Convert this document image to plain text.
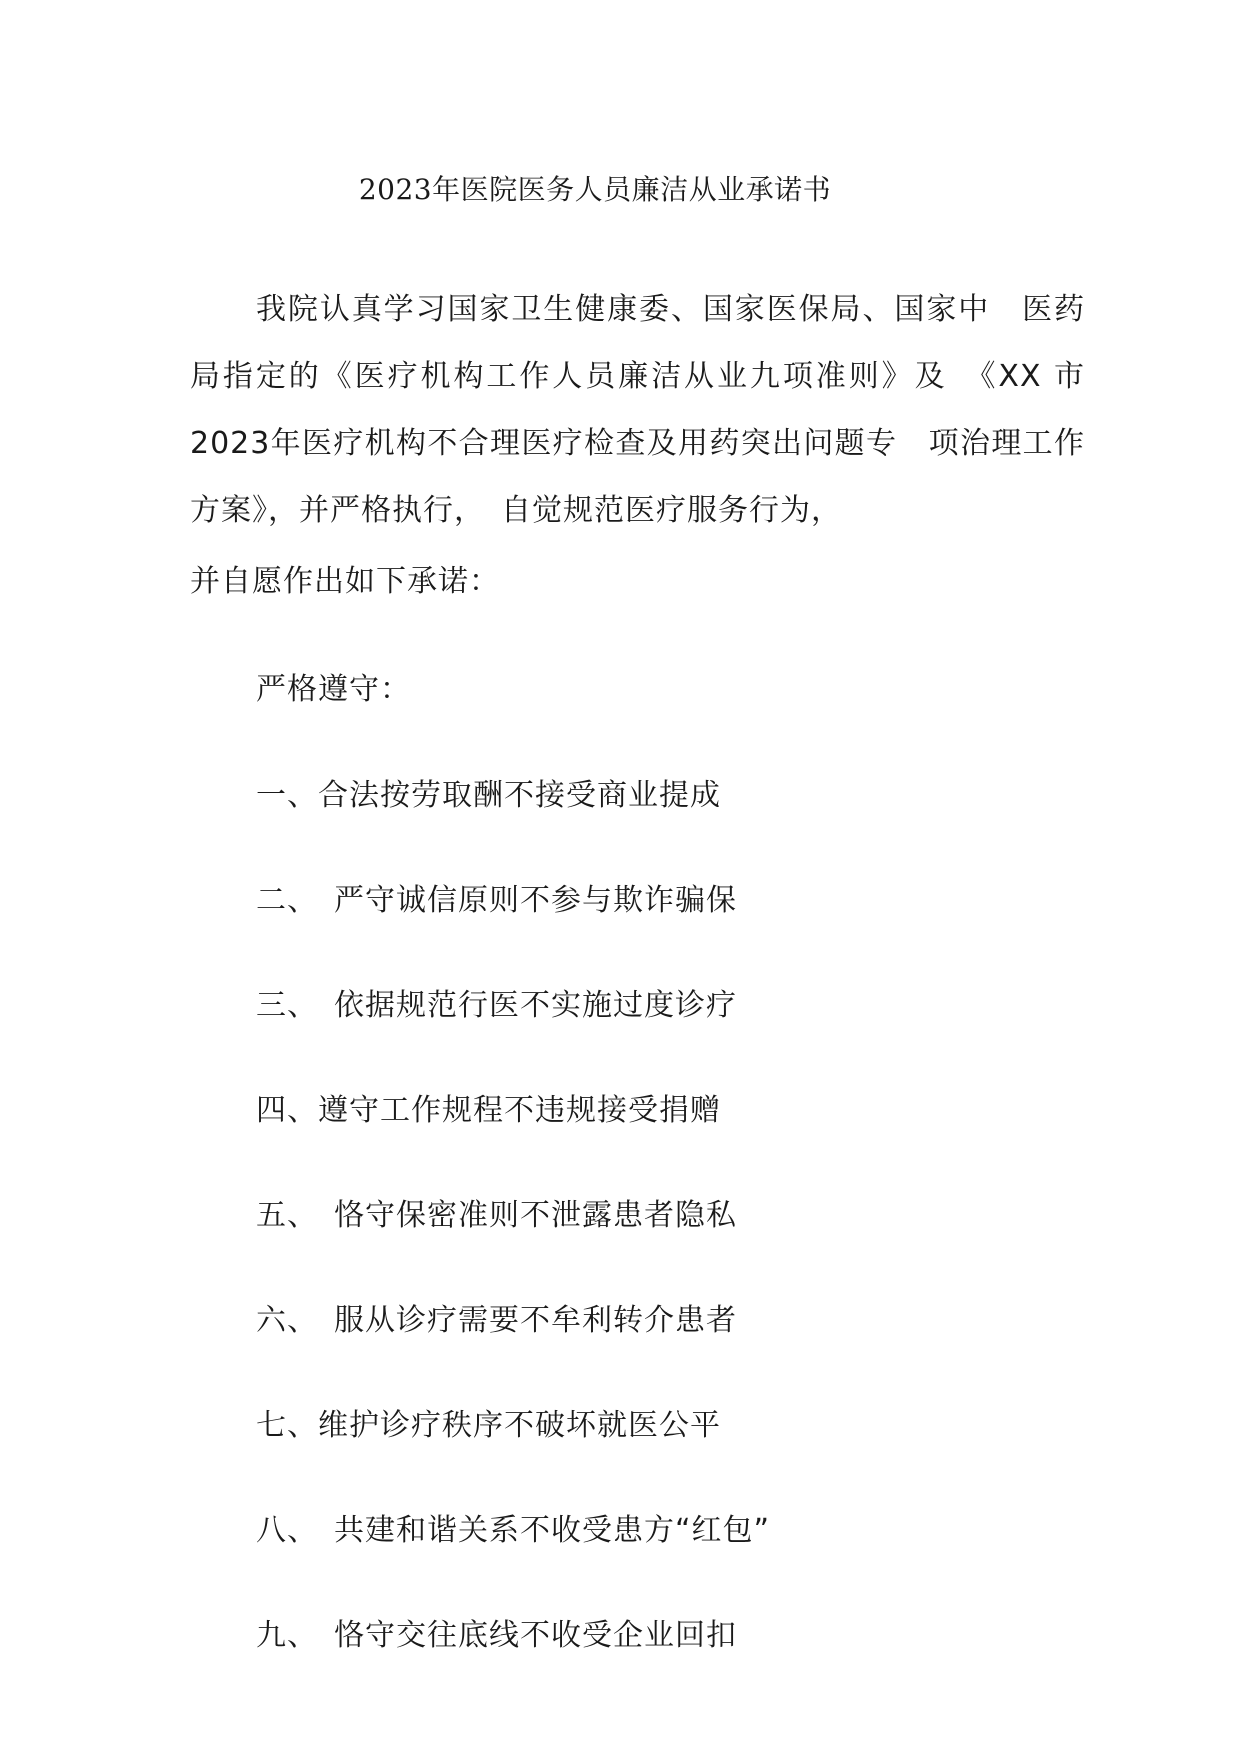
2023年医院医务人员廉洁从业承诺书
我院认真学习国家卫生健康委、国家医保局、国家中　医药局指定的《医疗机构工作人员廉洁从业九项准则》及　《XX 市 2023年医疗机构不合理医疗检查及用药突出问题专　项治理工作方案》，并严格执行，　自觉规范医疗服务行为，
并自愿作出如下承诺：
严格遵守：
一、合法按劳取酬不接受商业提成
二、 严守诚信原则不参与欺诈骗保
三、 依据规范行医不实施过度诊疗
四、遵守工作规程不违规接受捐赠
五、 恪守保密准则不泄露患者隐私
六、 服从诊疗需要不牟利转介患者
七、维护诊疗秩序不破坏就医公平
八、 共建和谐关系不收受患方“红包”
九、 恪守交往底线不收受企业回扣
